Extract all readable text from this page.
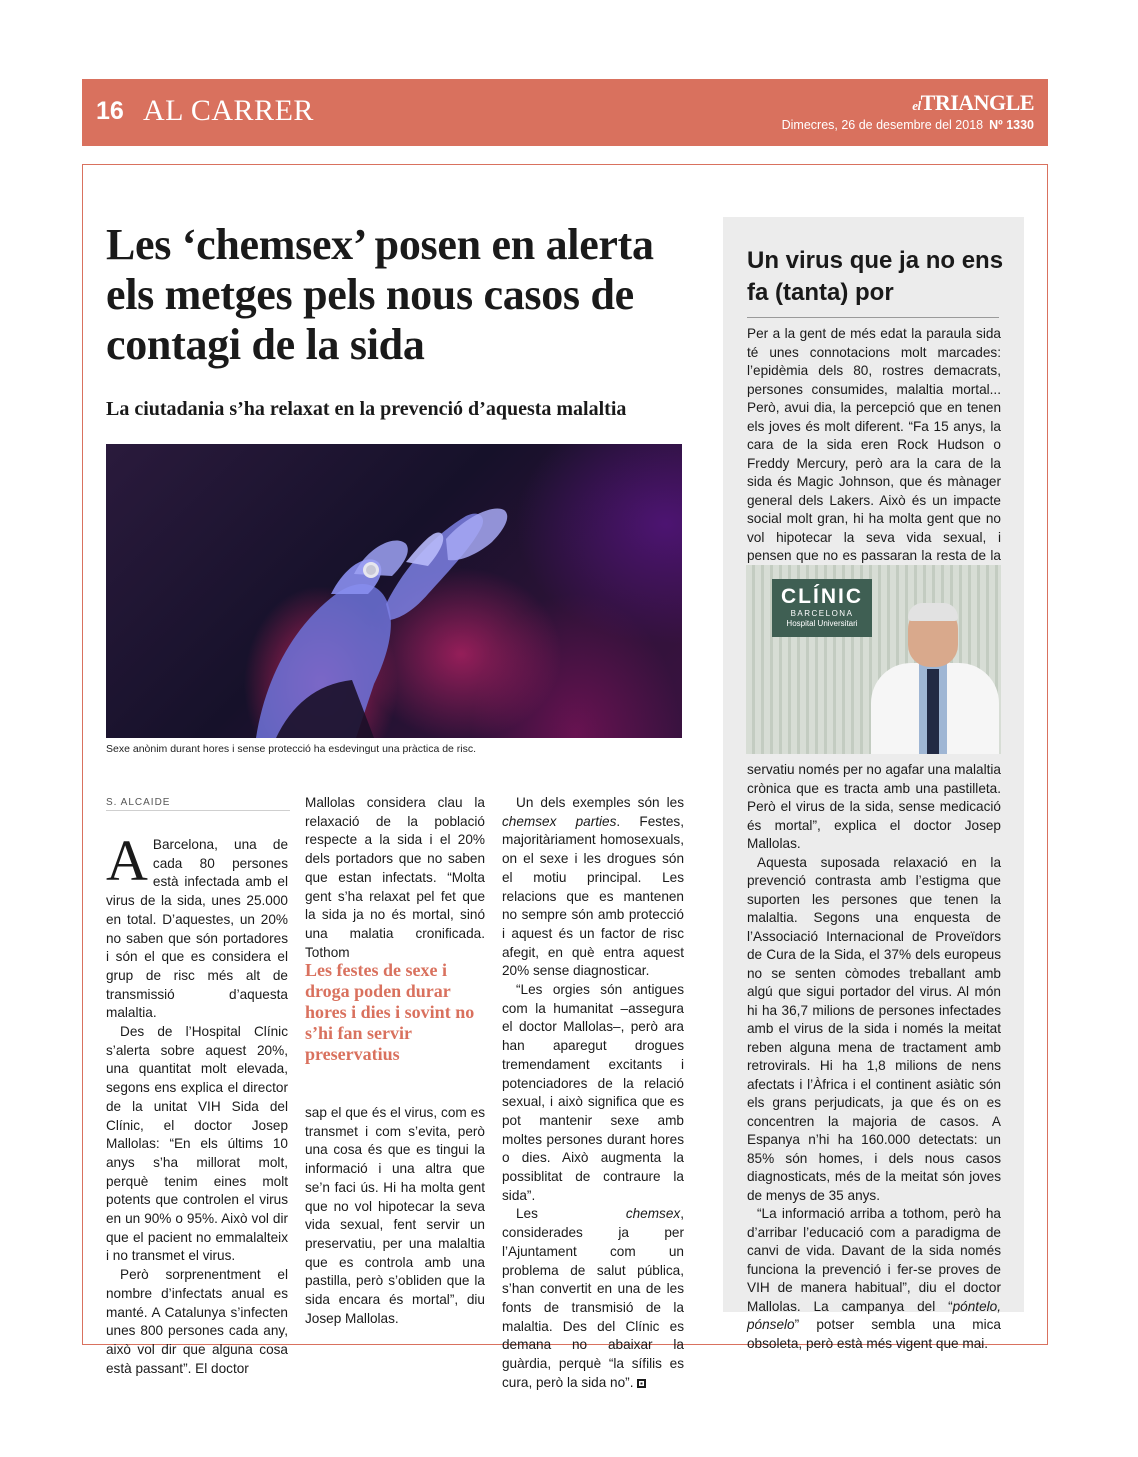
16 AL CARRER	elTRIANGLE
Dimecres, 26 de desembre del 2018 Nº 1330
Les ‘chemsex’ posen en alerta els metges pels nous casos de contagi de la sida
La ciutadania s’ha relaxat en la prevenció d’aquesta malaltia

Sexe anònim durant hores i sense protecció ha esdevingut una pràctica de risc.

S. ALCAIDE

A Barcelona, una de cada 80 persones està infectada amb el virus de la sida, unes 25.000 en total. D’aquestes, un 20% no saben que són portadores i són el que es considera el grup de risc més alt de transmissió d’aquesta malaltia.

Des de l’Hospital Clínic s’alerta sobre aquest 20%, una quantitat molt elevada, segons ens explica el director de la unitat VIH Sida del Clínic, el doctor Josep Mallolas: “En els últims 10 anys s’ha millorat molt, perquè tenim eines molt potents que controlen el virus en un 90% o 95%. Això vol dir que el pacient no emmalalteix i no transmet el virus.

Però sorprenentment el nombre d’infectats anual es manté. A Catalunya s’infecten unes 800 persones cada any, això vol dir que alguna cosa està passant”. El doctor

Mallolas considera clau la relaxació de la població respecte a la sida i el 20% dels portadors que no saben que estan infectats. “Molta gent s’ha relaxat pel fet que la sida ja no és mortal, sinó una malatia cronificada. Tothom

Les festes de sexe i droga poden durar hores i dies i sovint no s’hi fan servir preservatius

sap el que és el virus, com es transmet i com s’evita, però una cosa és que es tingui la informació i una altra que se’n faci ús. Hi ha molta gent que no vol hipotecar la seva vida sexual, fent servir un preservatiu, per una malaltia que es controla amb una pastilla, però s’obliden que la sida encara és mortal”, diu Josep Mallolas.

Un dels exemples són les chemsex parties. Festes, majoritàriament homosexuals, on el sexe i les drogues són el motiu principal. Les relacions que es mantenen no sempre són amb protecció i aquest és un factor de risc afegit, en què entra aquest 20% sense diagnosticar.

“Les orgies són antigues com la humanitat –assegura el doctor Mallolas–, però ara han aparegut drogues tremendament excitants i potenciadores de la relació sexual, i això significa que es pot mantenir sexe amb moltes persones durant hores o dies. Això augmenta la possiblitat de contraure la sida”.

Les chemsex, considerades ja per l’Ajuntament com un problema de salut pública, s’han convertit en una de les fonts de transmisió de la malaltia. Des del Clínic es demana no abaixar la guàrdia, perquè “la sífilis es cura, però la sida no”.

Un virus que ja no ens fa (tanta) por

Per a la gent de més edat la paraula sida té unes connotacions molt marcades: l’epidèmia dels 80, rostres demacrats, persones consumides, malaltia mortal... Però, avui dia, la percepció que en tenen els joves és molt diferent. “Fa 15 anys, la cara de la sida eren Rock Hudson o Freddy Mercury, però ara la cara de la sida és Magic Johnson, que és mànager general dels Lakers. Això és un impacte social molt gran, hi ha molta gent que no vol hipotecar la seva vida sexual, i pensen que no es passaran la resta de la

CLÍNIC
BARCELONA
Hospital Universitari

servatiu només per no agafar una malaltia crònica que es tracta amb una pastilleta. Però el virus de la sida, sense medicació és mortal”, explica el doctor Josep Mallolas.

Aquesta suposada relaxació en la prevenció contrasta amb l’estigma que suporten les persones que tenen la malaltia. Segons una enquesta de l’Associació Internacional de Proveïdors de Cura de la Sida, el 37% dels europeus no se senten còmodes treballant amb algú que sigui portador del virus. Al món hi ha 36,7 milions de persones infectades amb el virus de la sida i només la meitat reben alguna mena de tractament amb retrovirals. Hi ha 1,8 milions de nens afectats i l’Àfrica i el continent asiàtic són els grans perjudicats, ja que és on es concentren la majoria de casos. A Espanya n’hi ha 160.000 detectats: un 85% són homes, i dels nous casos diagnosticats, més de la meitat són joves de menys de 35 anys.

“La informació arriba a tothom, però ha d’arribar l’educació com a paradigma de canvi de vida. Davant de la sida només funciona la prevenció i fer-se proves de VIH de manera habitual”, diu el doctor Mallolas. La campanya del “póntelo, pónselo” potser sembla una mica obsoleta, però està més vigent que mai.
